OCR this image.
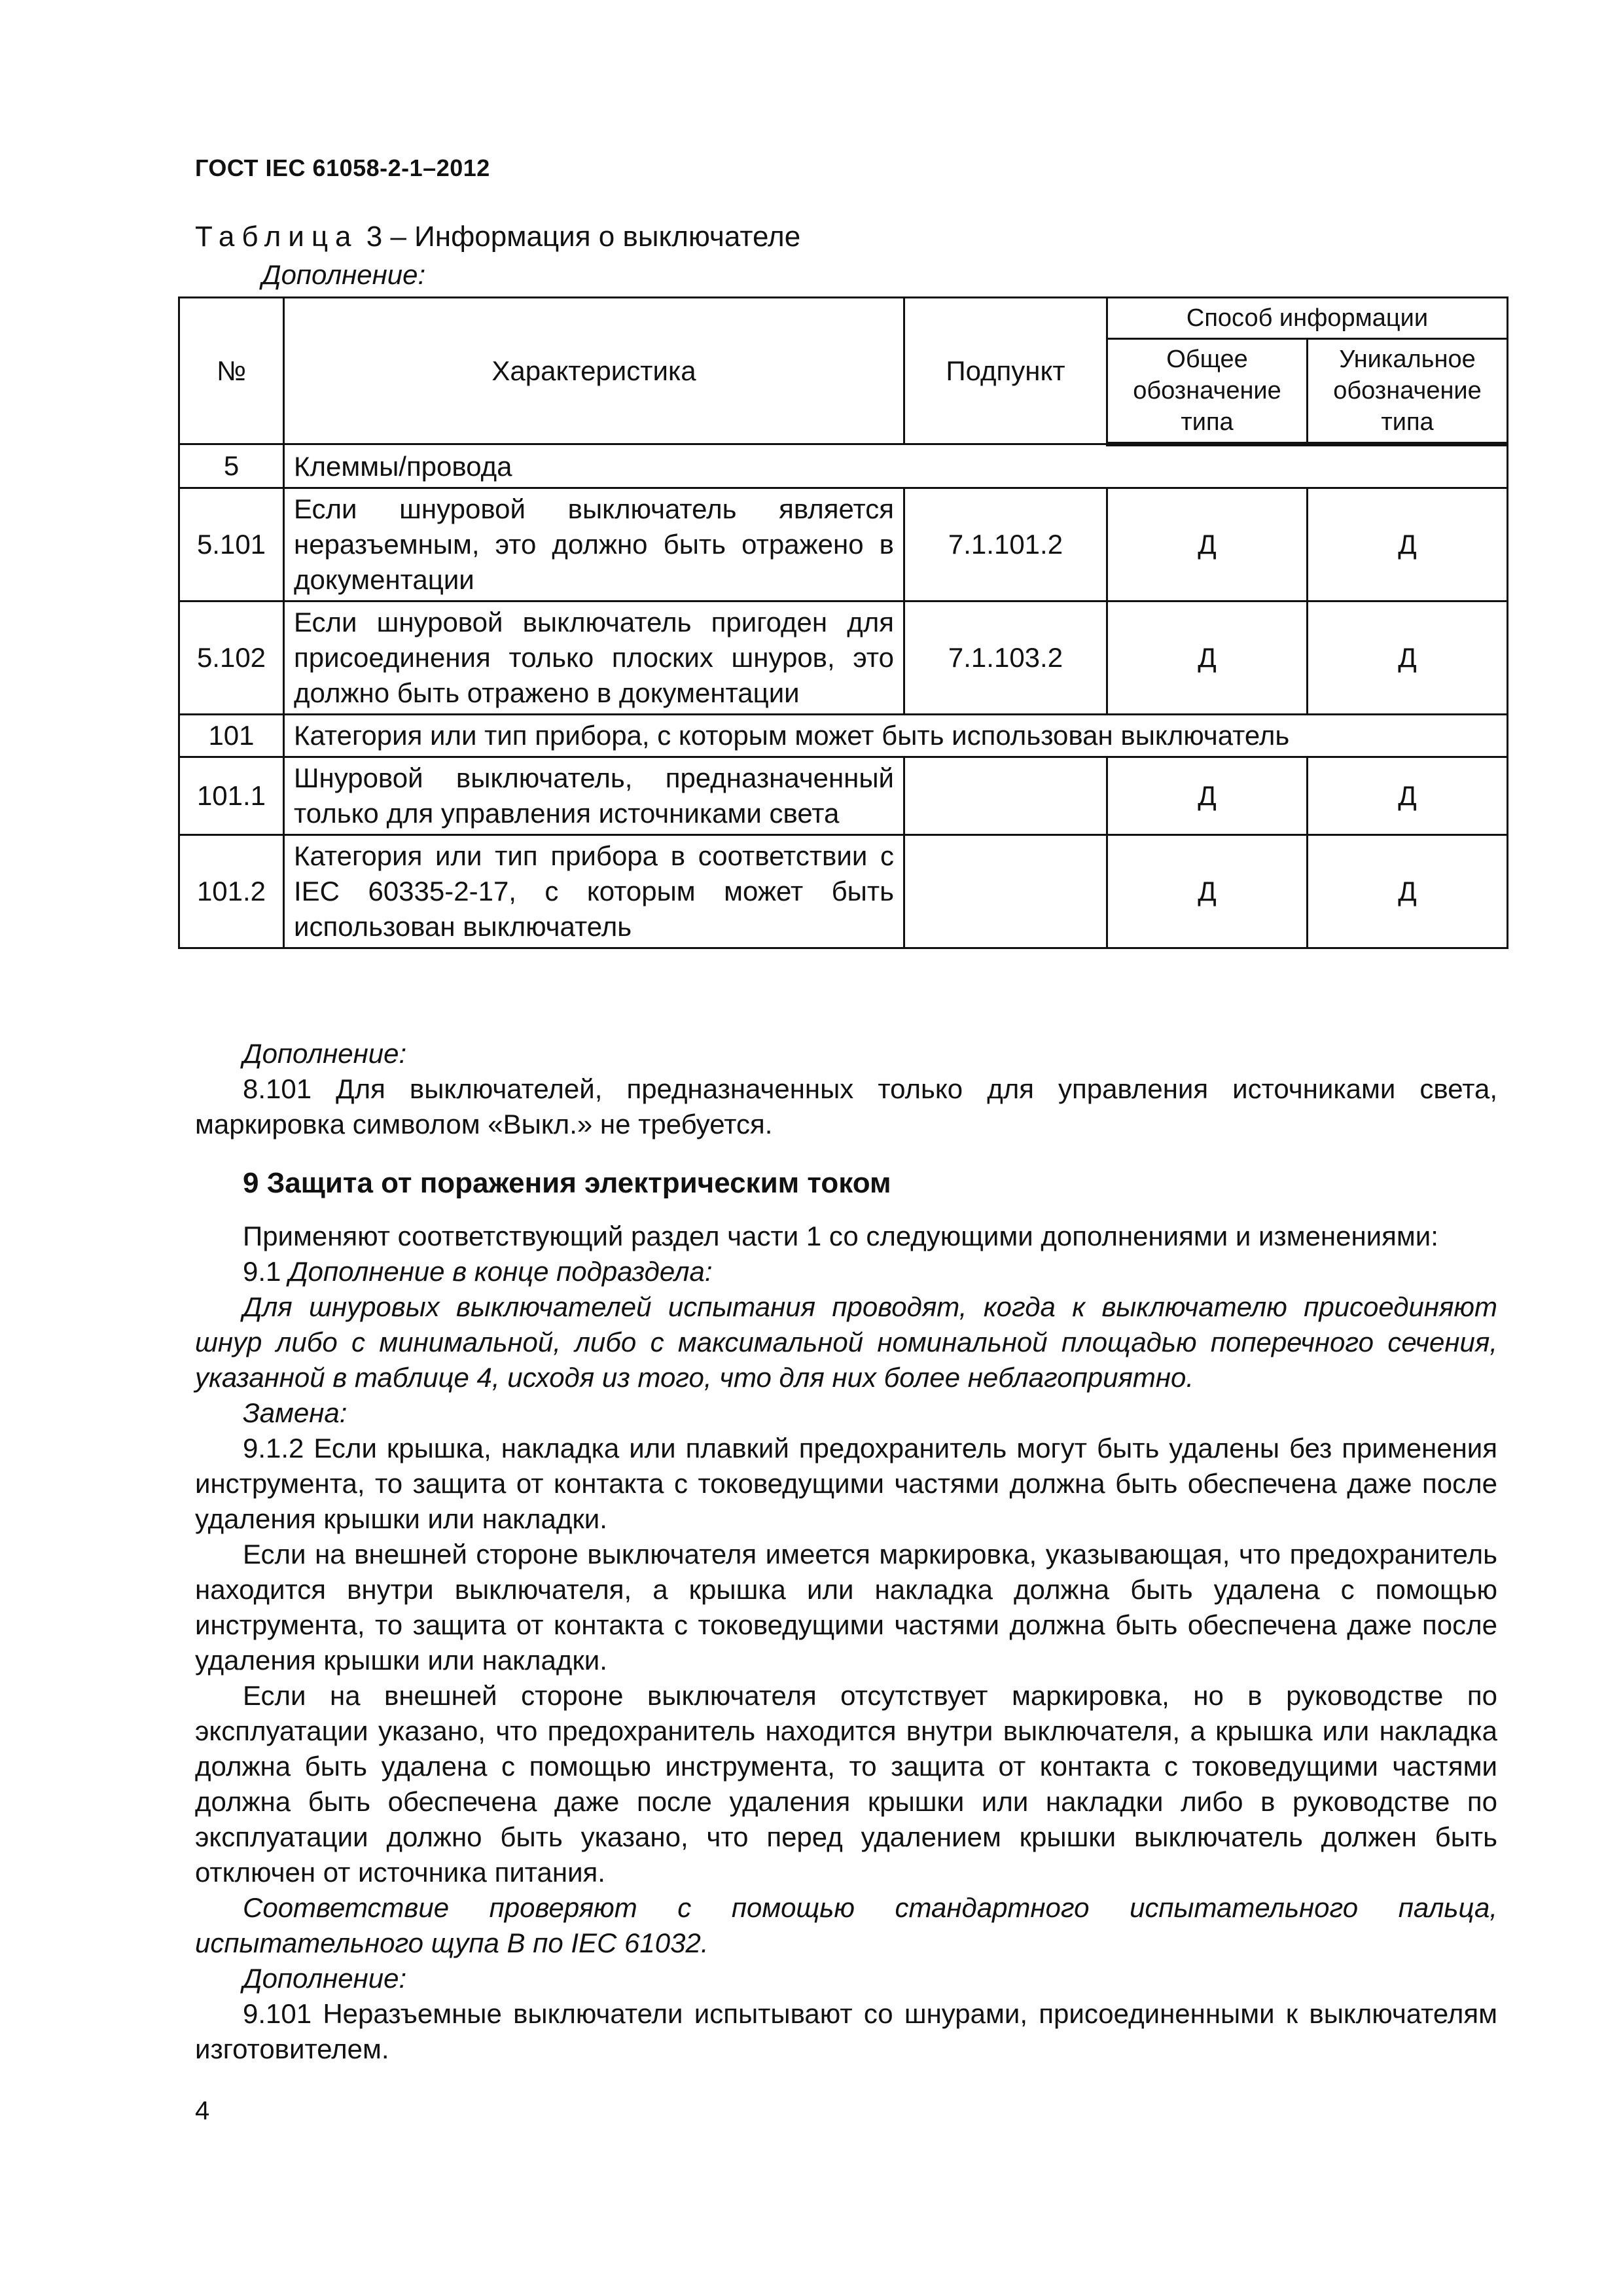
ГОСТ IEC 61058-2-1–2012
Таблица 3 – Информация о выключателе
Дополнение:
№	Характеристика	Подпункт	Способ информации	
			Общее обозначение типа	Уникальное обозначение типа
5	Клеммы/провода			
5.101	Если шнуровой выключатель является неразъемным, это должно быть отражено в документации	7.1.101.2	Д	Д
5.102	Если шнуровой выключатель пригоден для присоединения только плоских шнуров, это должно быть отражено в документации	7.1.103.2	Д	Д
101	Категория или тип прибора, с которым может быть использован выключатель			
101.1	Шнуровой выключатель, предназначенный только для управления источниками света		Д	Д
101.2	Категория или тип прибора в соответствии с IEC 60335-2-17, с которым может быть использован выключатель		Д	Д

Дополнение:

8.101 Для выключателей, предназначенных только для управления источниками света, маркировка символом «Выкл.» не требуется.

9 Защита от поражения электрическим током

Применяют соответствующий раздел части 1 со следующими дополнениями и изменениями:

9.1 Дополнение в конце подраздела:

Для шнуровых выключателей испытания проводят, когда к выключателю присоединяют шнур либо с минимальной, либо с максимальной номинальной площадью поперечного сечения, указанной в таблице 4, исходя из того, что для них более неблагоприятно.

Замена:

9.1.2 Если крышка, накладка или плавкий предохранитель могут быть удалены без применения инструмента, то защита от контакта с токоведущими частями должна быть обеспечена даже после удаления крышки или накладки.

Если на внешней стороне выключателя имеется маркировка, указывающая, что предохранитель находится внутри выключателя, а крышка или накладка должна быть удалена с помощью инструмента, то защита от контакта с токоведущими частями должна быть обеспечена даже после удаления крышки или накладки.

Если на внешней стороне выключателя отсутствует маркировка, но в руководстве по эксплуатации указано, что предохранитель находится внутри выключателя, а крышка или накладка должна быть удалена с помощью инструмента, то защита от контакта с токоведущими частями должна быть обеспечена даже после удаления крышки или накладки либо в руководстве по эксплуатации должно быть указано, что перед удалением крышки выключатель должен быть отключен от источника питания.

Соответствие проверяют с помощью стандартного испытательного пальца, испытательного щупа В по IEC 61032.

Дополнение:

9.101 Неразъемные выключатели испытывают со шнурами, присоединенными к выключателям изготовителем.

4
